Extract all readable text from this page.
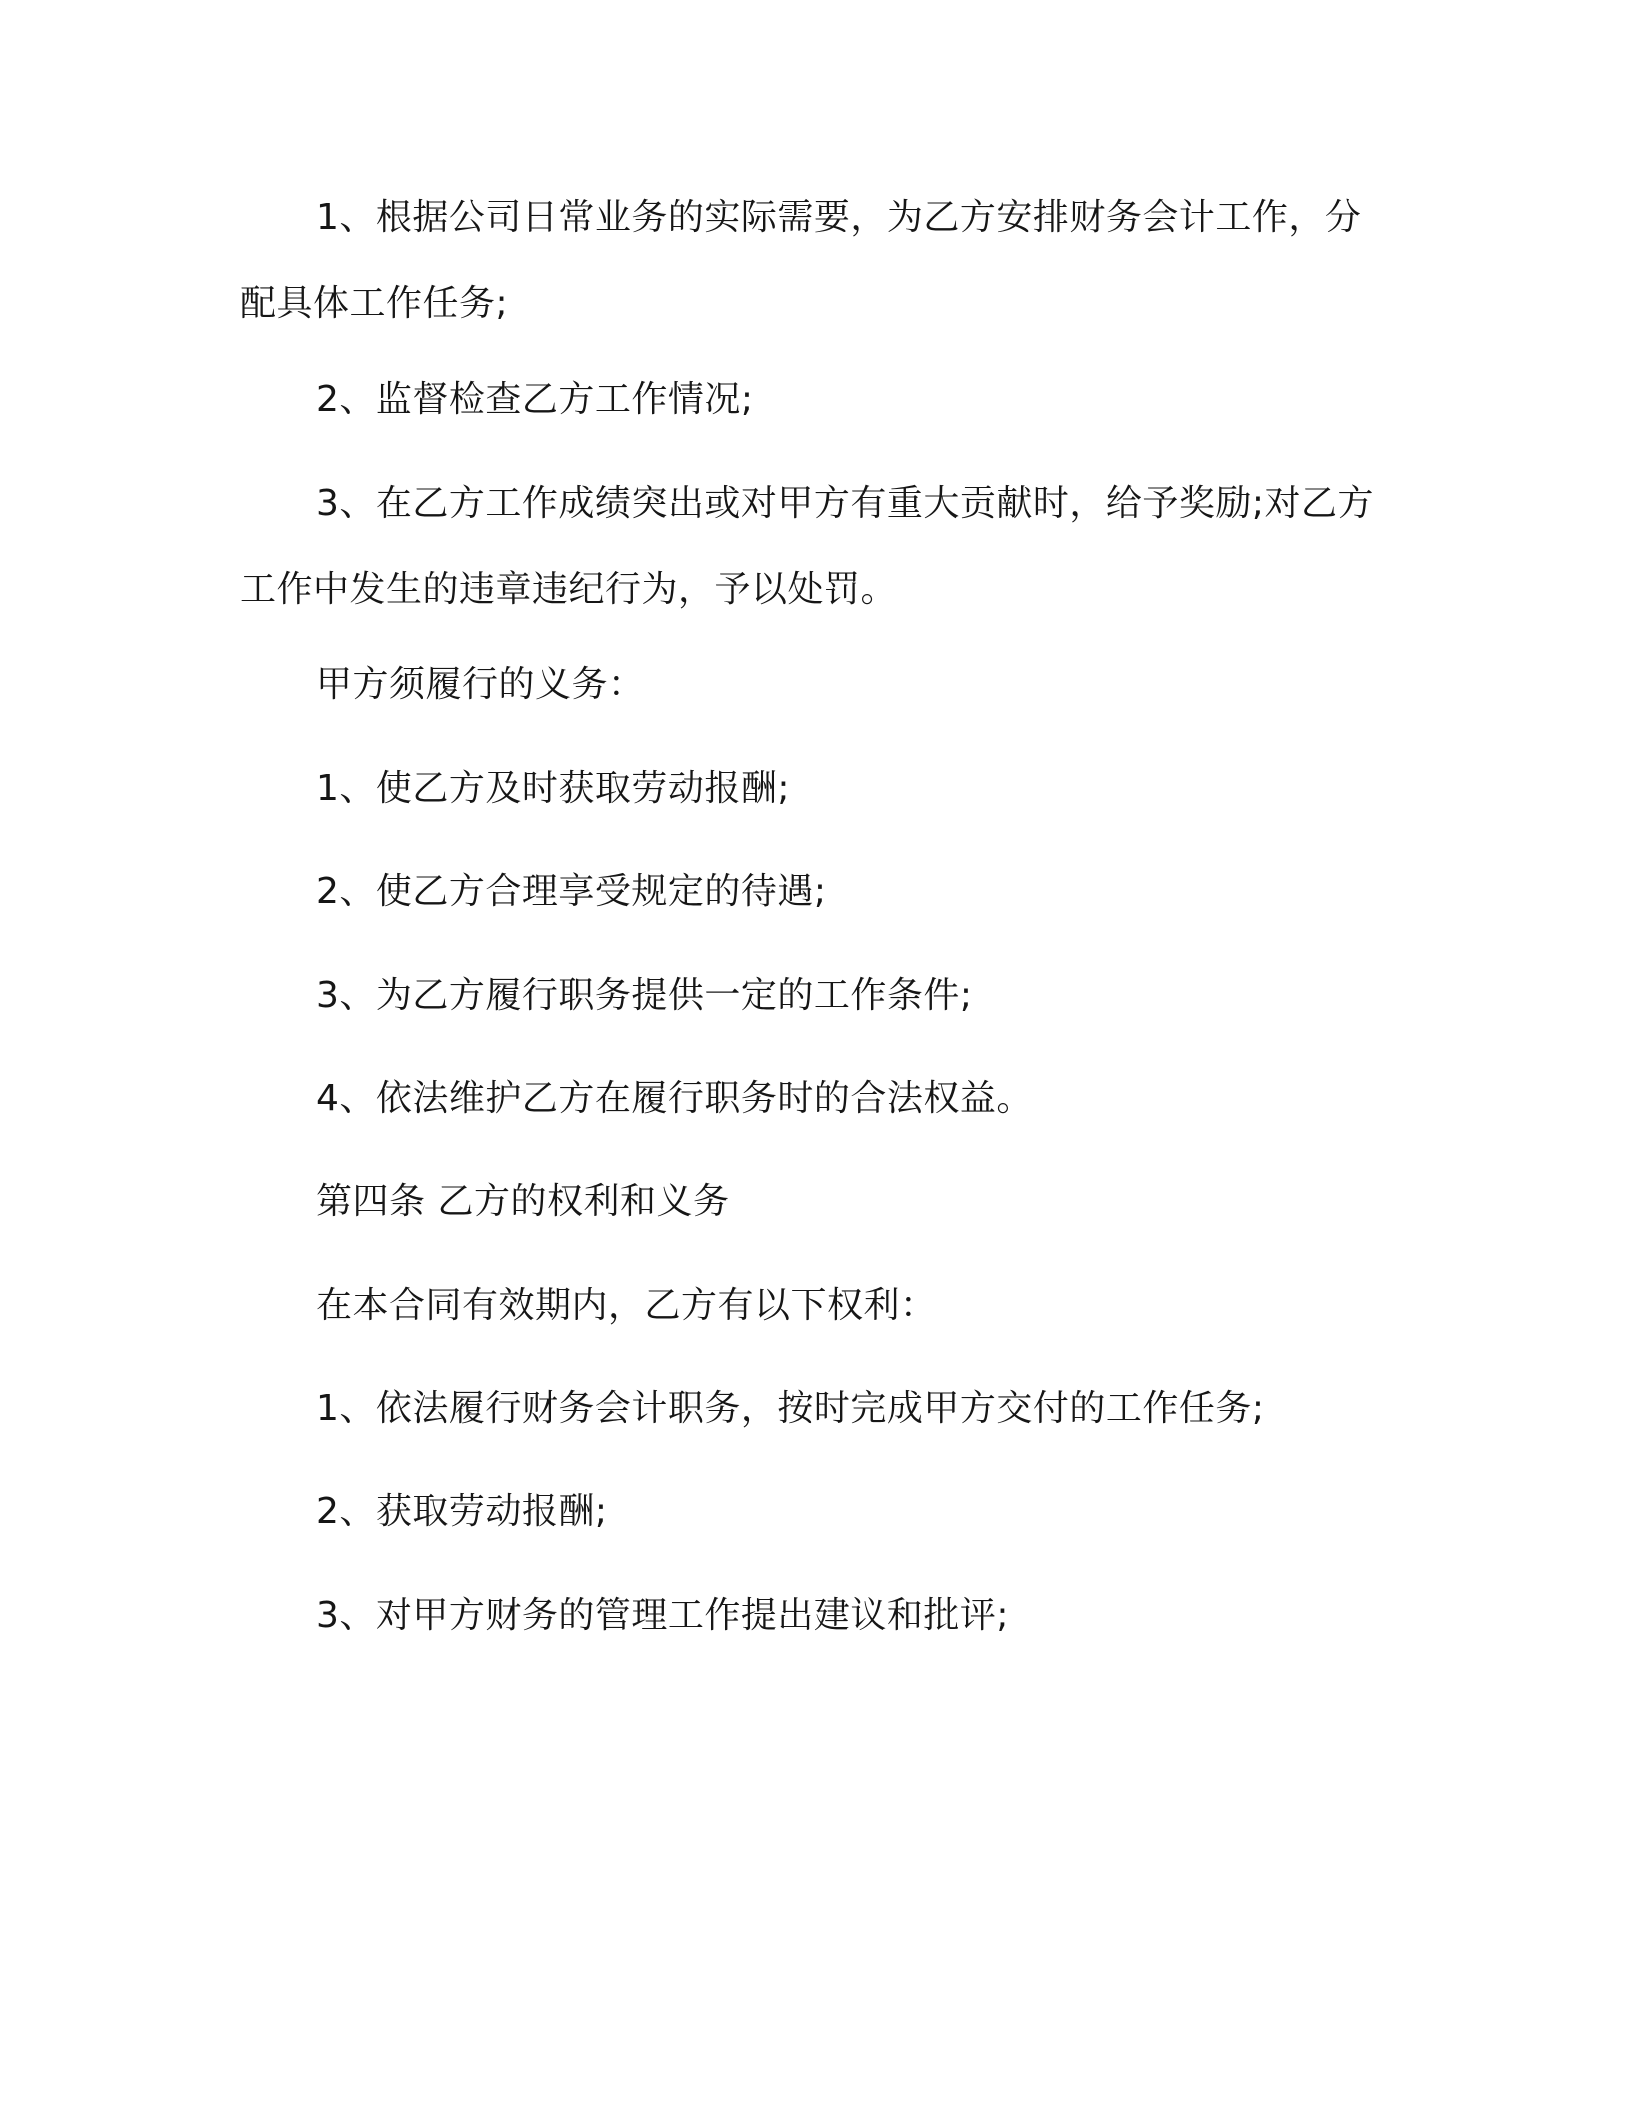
1、根据公司日常业务的实际需要，为乙方安排财务会计工作，分配具体工作任务;

2、监督检查乙方工作情况;

3、在乙方工作成绩突出或对甲方有重大贡献时，给予奖励;对乙方工作中发生的违章违纪行为，予以处罚。

甲方须履行的义务：

1、使乙方及时获取劳动报酬;

2、使乙方合理享受规定的待遇;

3、为乙方履行职务提供一定的工作条件;

4、依法维护乙方在履行职务时的合法权益。

第四条 乙方的权利和义务

在本合同有效期内，乙方有以下权利：

1、依法履行财务会计职务，按时完成甲方交付的工作任务;

2、获取劳动报酬;

3、对甲方财务的管理工作提出建议和批评;
